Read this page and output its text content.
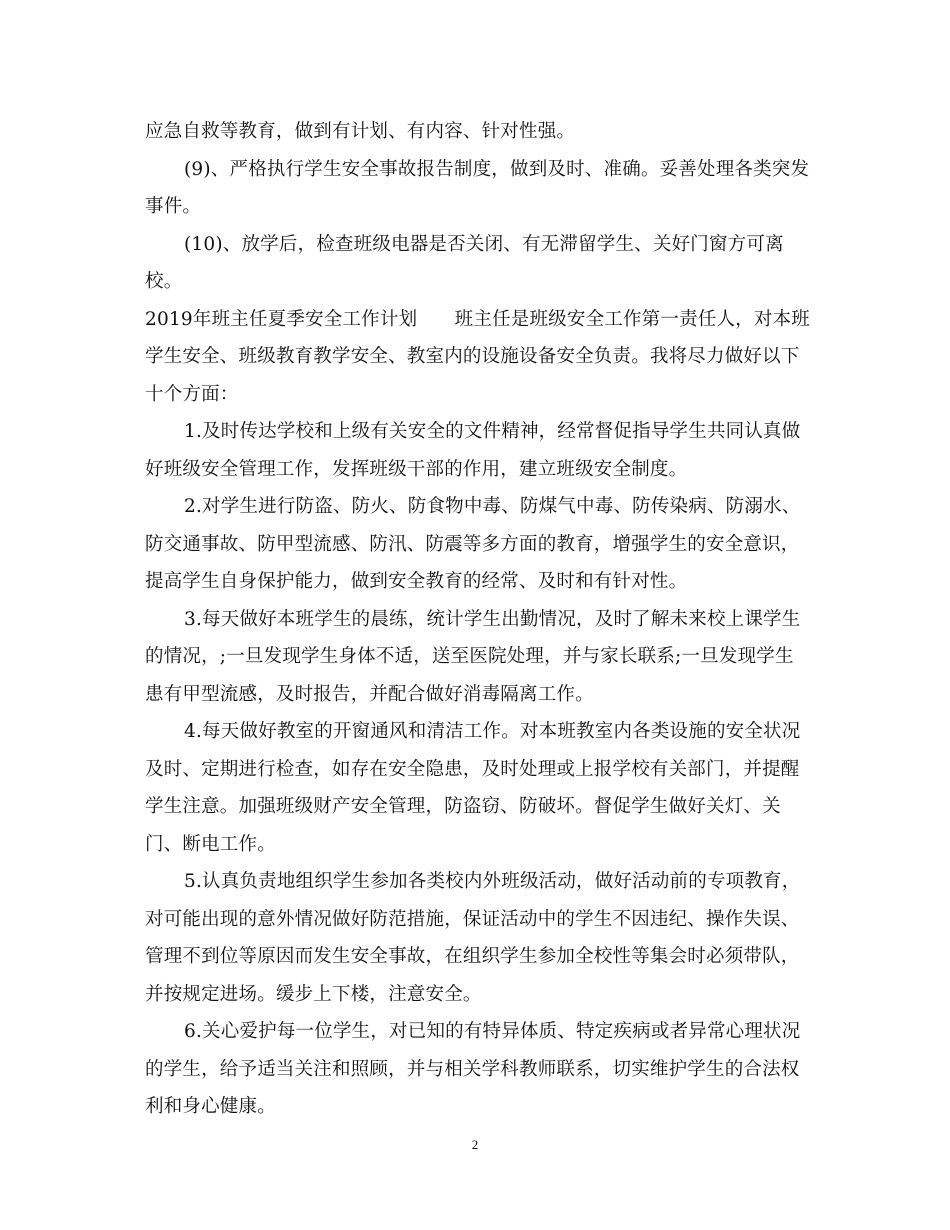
应急自救等教育，做到有计划、有内容、针对性强。
(9)、严格执行学生安全事故报告制度，做到及时、准确。妥善处理各类突发
事件。
(10)、放学后，检查班级电器是否关闭、有无滞留学生、关好门窗方可离
校。
2019年班主任夏季安全工作计划　　班主任是班级安全工作第一责任人，对本班
学生安全、班级教育教学安全、教室内的设施设备安全负责。我将尽力做好以下
十个方面：
1.及时传达学校和上级有关安全的文件精神，经常督促指导学生共同认真做
好班级安全管理工作，发挥班级干部的作用，建立班级安全制度。
2.对学生进行防盗、防火、防食物中毒、防煤气中毒、防传染病、防溺水、
防交通事故、防甲型流感、防汛、防震等多方面的教育，增强学生的安全意识，
提高学生自身保护能力，做到安全教育的经常、及时和有针对性。
3.每天做好本班学生的晨练，统计学生出勤情况，及时了解未来校上课学生
的情况，;一旦发现学生身体不适，送至医院处理，并与家长联系;一旦发现学生
患有甲型流感，及时报告，并配合做好消毒隔离工作。
4.每天做好教室的开窗通风和清洁工作。对本班教室内各类设施的安全状况
及时、定期进行检查，如存在安全隐患，及时处理或上报学校有关部门，并提醒
学生注意。加强班级财产安全管理，防盗窃、防破坏。督促学生做好关灯、关
门、断电工作。
5.认真负责地组织学生参加各类校内外班级活动，做好活动前的专项教育，
对可能出现的意外情况做好防范措施，保证活动中的学生不因违纪、操作失误、
管理不到位等原因而发生安全事故，在组织学生参加全校性等集会时必须带队，
并按规定进场。缓步上下楼，注意安全。
6.关心爱护每一位学生，对已知的有特异体质、特定疾病或者异常心理状况
的学生，给予适当关注和照顾，并与相关学科教师联系，切实维护学生的合法权
利和身心健康。
2
